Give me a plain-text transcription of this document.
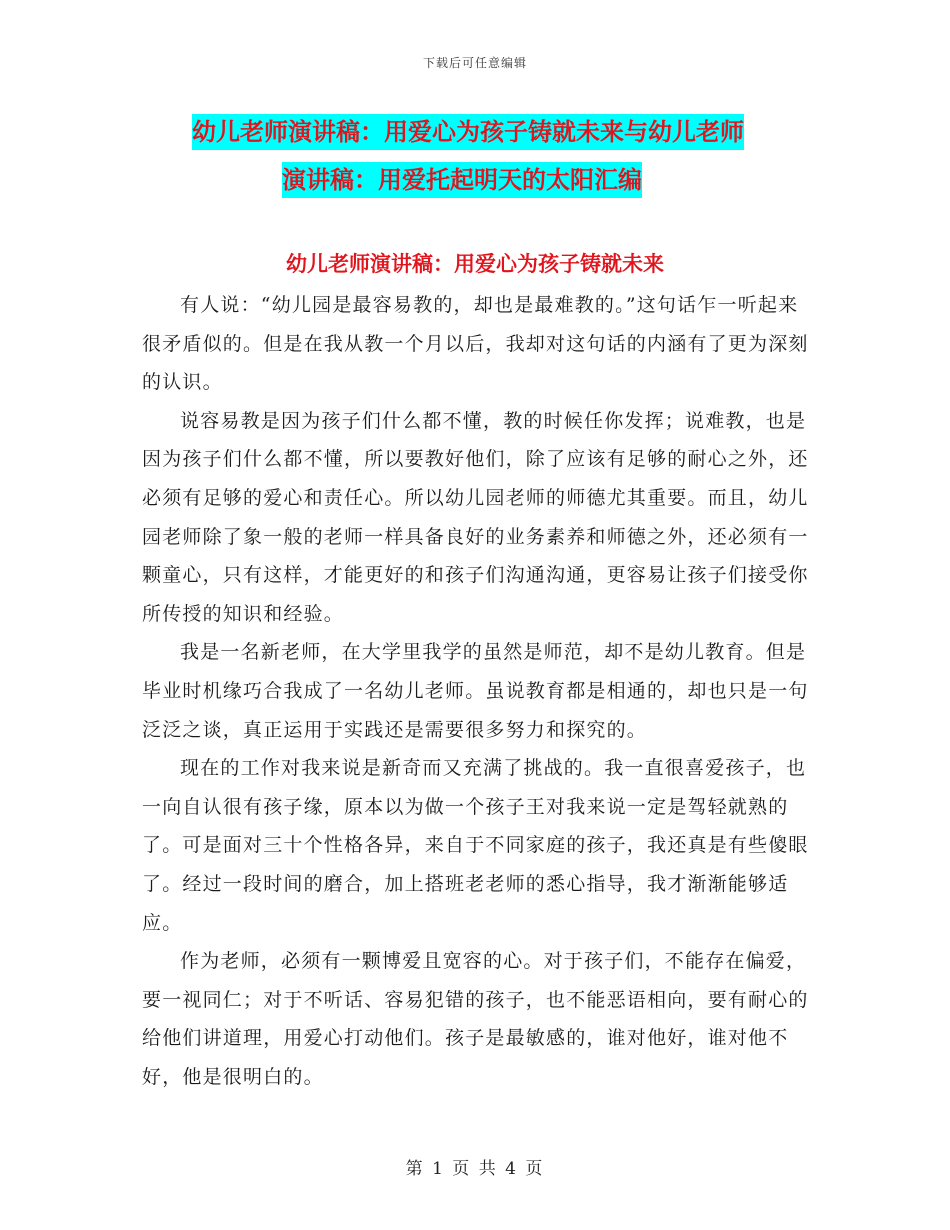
下载后可任意编辑
幼儿老师演讲稿：用爱心为孩子铸就未来与幼儿老师
演讲稿：用爱托起明天的太阳汇编
幼儿老师演讲稿：用爱心为孩子铸就未来

有人说：“幼儿园是最容易教的，却也是最难教的。”这句话乍一听起来很矛盾似的。但是在我从教一个月以后，我却对这句话的内涵有了更为深刻的认识。

说容易教是因为孩子们什么都不懂，教的时候任你发挥；说难教，也是因为孩子们什么都不懂，所以要教好他们，除了应该有足够的耐心之外，还必须有足够的爱心和责任心。所以幼儿园老师的师德尤其重要。而且，幼儿园老师除了象一般的老师一样具备良好的业务素养和师德之外，还必须有一颗童心，只有这样，才能更好的和孩子们沟通沟通，更容易让孩子们接受你所传授的知识和经验。

我是一名新老师，在大学里我学的虽然是师范，却不是幼儿教育。但是毕业时机缘巧合我成了一名幼儿老师。虽说教育都是相通的，却也只是一句泛泛之谈，真正运用于实践还是需要很多努力和探究的。

现在的工作对我来说是新奇而又充满了挑战的。我一直很喜爱孩子，也一向自认很有孩子缘，原本以为做一个孩子王对我来说一定是驾轻就熟的了。可是面对三十个性格各异，来自于不同家庭的孩子，我还真是有些傻眼了。经过一段时间的磨合，加上搭班老老师的悉心指导，我才渐渐能够适应。

作为老师，必须有一颗博爱且宽容的心。对于孩子们，不能存在偏爱，要一视同仁；对于不听话、容易犯错的孩子，也不能恶语相向，要有耐心的给他们讲道理，用爱心打动他们。孩子是最敏感的，谁对他好，谁对他不好，他是很明白的。

第 1 页 共 4 页
